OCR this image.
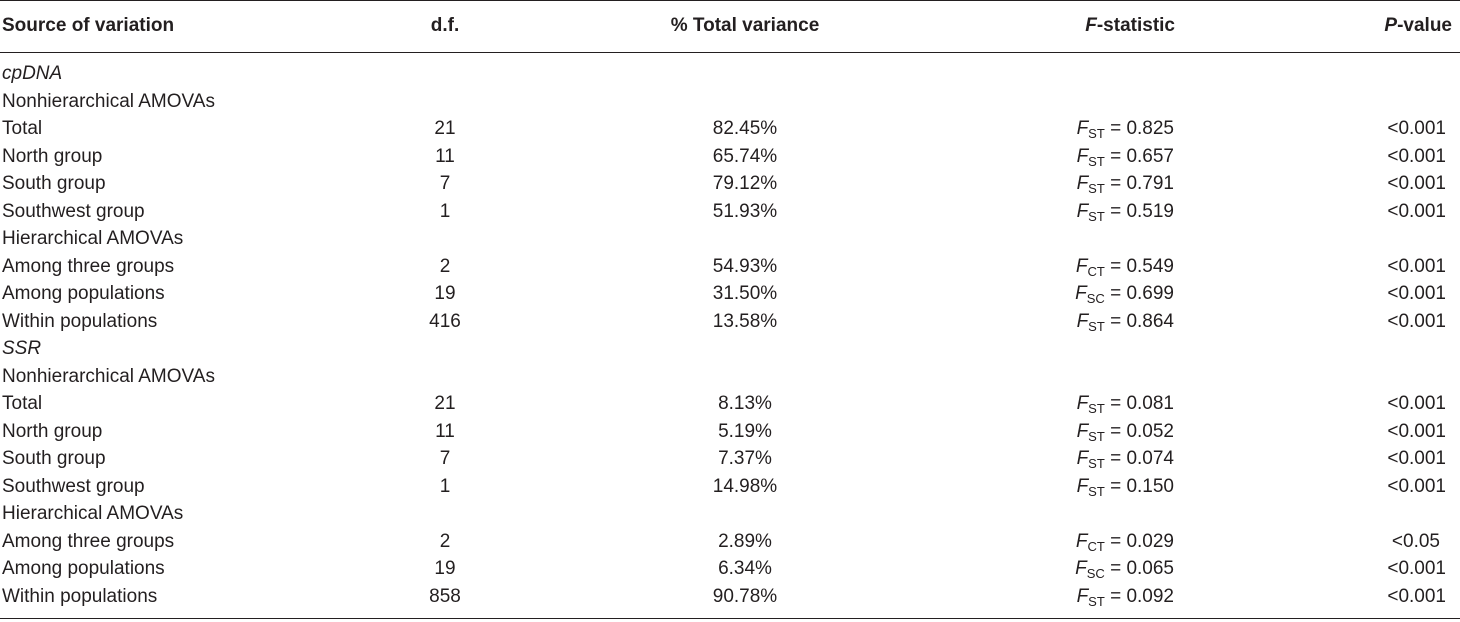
Source of variation	d.f.	% Total variance	F-statistic	P-value
cpDNA
Nonhierarchical AMOVAs
Total	21	82.45%	$F_{ST} = 0.825$	<0.001
North group	11	65.74%	$F_{ST} = 0.657$	<0.001
South group	7	79.12%	$F_{ST} = 0.791$	<0.001
Southwest group	1	51.93%	$F_{ST} = 0.519$	<0.001
Hierarchical AMOVAs
Among three groups	2	54.93%	$F_{CT} = 0.549$	<0.001
Among populations	19	31.50%	$F_{SC} = 0.699$	<0.001
Within populations	416	13.58%	$F_{ST} = 0.864$	<0.001
SSR
Nonhierarchical AMOVAs
Total	21	8.13%	$F_{ST} = 0.081$	<0.001
North group	11	5.19%	$F_{ST} = 0.052$	<0.001
South group	7	7.37%	$F_{ST} = 0.074$	<0.001
Southwest group	1	14.98%	$F_{ST} = 0.150$	<0.001
Hierarchical AMOVAs
Among three groups	2	2.89%	$F_{CT} = 0.029$	<0.05
Among populations	19	6.34%	$F_{SC} = 0.065$	<0.001
Within populations	858	90.78%	$F_{ST} = 0.092$	<0.001
